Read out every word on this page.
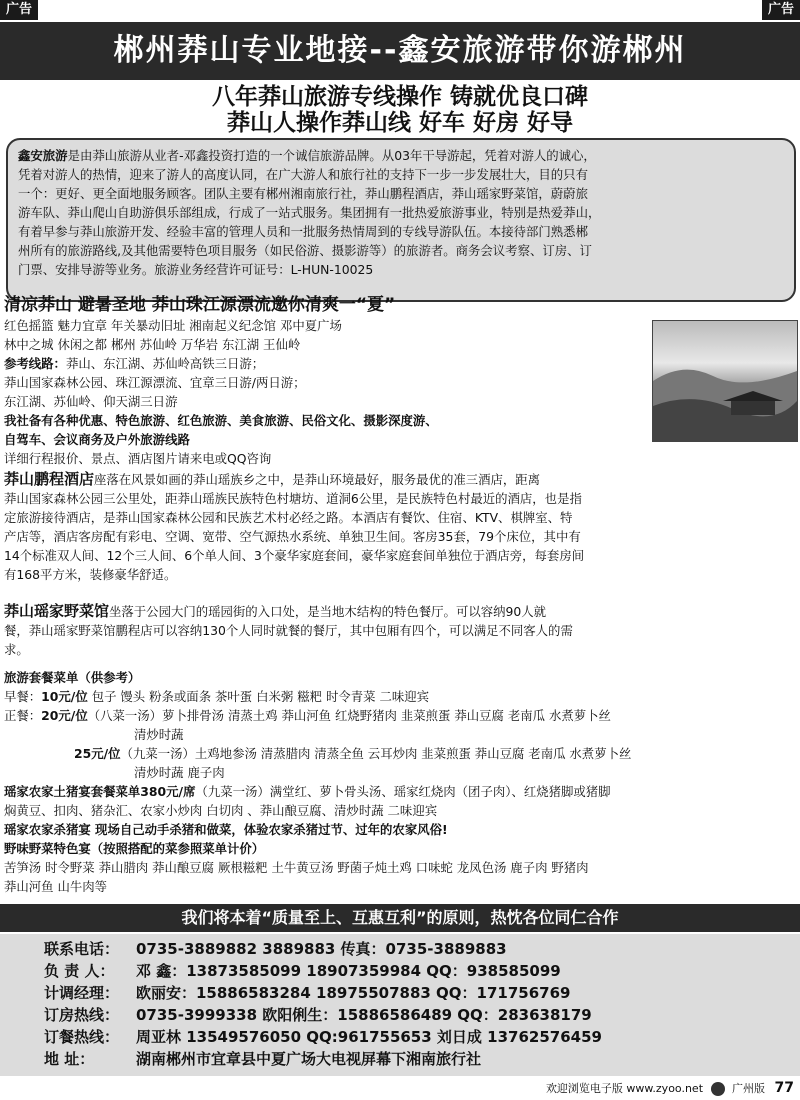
广告	广告
郴州莽山专业地接--鑫安旅游带你游郴州
八年莽山旅游专线操作 铸就优良口碑
莽山人操作莽山线 好车 好房 好导
鑫安旅游是由莽山旅游从业者-邓鑫投资打造的一个诚信旅游品牌。从03年干导游起，凭着对游人的诚心，
凭着对游人的热情，迎来了游人的高度认同，在广大游人和旅行社的支持下一步一步发展壮大，目的只有
一个：更好、更全面地服务顾客。团队主要有郴州湘南旅行社，莽山鹏程酒店，莽山瑶家野菜馆，蔚蔚旅
游车队、莽山爬山自助游俱乐部组成，行成了一站式服务。集团拥有一批热爱旅游事业，特别是热爱莽山，
有着早参与莽山旅游开发、经验丰富的管理人员和一批服务热情周到的专线导游队伍。本接待部门熟悉郴
州所有的旅游路线,及其他需要特色项目服务（如民俗游、摄影游等）的旅游者。商务会议考察、订房、订
门票、安排导游等业务。旅游业务经营许可证号：L-HUN-10025
清凉莽山 避暑圣地 莽山珠江源漂流邀你清爽一“夏”
红色摇篮 魅力宜章 年关暴动旧址 湘南起义纪念馆 邓中夏广场
林中之城 休闲之都 郴州 苏仙岭 万华岩 东江湖 王仙岭
参考线路：莽山、东江湖、苏仙岭高铁三日游；
莽山国家森林公园、珠江源漂流、宜章三日游/两日游；
东江湖、苏仙岭、仰天湖三日游
我社备有各种优惠、特色旅游、红色旅游、美食旅游、民俗文化、摄影深度游、
自驾车、会议商务及户外旅游线路
详细行程报价、景点、酒店图片请来电或QQ咨询
莽山鹏程酒店座落在风景如画的莽山瑶族乡之中，是莽山环境最好，服务最优的准三酒店，距离
莽山国家森林公园三公里处，距莽山瑶族民族特色村塘坊、道洞6公里，是民族特色村最近的酒店，也是指
定旅游接待酒店，是莽山国家森林公园和民族艺术村必经之路。本酒店有餐饮、住宿、KTV、棋牌室、特
产店等，酒店客房配有彩电、空调、宽带、空气源热水系统、单独卫生间。客房35套，79个床位，其中有
14个标准双人间、12个三人间、6个单人间、3个豪华家庭套间，豪华家庭套间单独位于酒店旁，每套房间
有168平方米，装修豪华舒适。
莽山瑶家野菜馆坐落于公园大门的瑶园街的入口处，是当地木结构的特色餐厅。可以容纳90人就
餐，莽山瑶家野菜馆鹏程店可以容纳130个人同时就餐的餐厅，其中包厢有四个，可以满足不同客人的需
求。
旅游套餐菜单（供参考）
早餐：10元/位 包子 馒头 粉条或面条 茶叶蛋 白米粥 糍粑 时令青菜 二味迎宾
正餐：20元/位（八菜一汤）萝卜排骨汤 清蒸土鸡 莽山河鱼 红烧野猪肉 韭菜煎蛋 莽山豆腐 老南瓜 水煮萝卜丝
清炒时蔬
25元/位（九菜一汤）土鸡地参汤 清蒸腊肉 清蒸全鱼 云耳炒肉 韭菜煎蛋 莽山豆腐 老南瓜 水煮萝卜丝
清炒时蔬 鹿子肉
瑶家农家土猪宴套餐菜单380元/席（九菜一汤）满堂红、萝卜骨头汤、瑶家红烧肉（团子肉）、红烧猪脚或猪脚
焖黄豆、扣肉、猪杂汇、农家小炒肉 白切肉 、莽山酿豆腐、清炒时蔬 二味迎宾
瑶家农家杀猪宴 现场自己动手杀猪和做菜，体验农家杀猪过节、过年的农家风俗!
野味野菜特色宴（按照搭配的菜参照菜单计价）
苦笋汤 时令野菜 莽山腊肉 莽山酿豆腐 厥根糍粑 土牛黄豆汤 野菌子炖土鸡 口味蛇 龙凤色汤 鹿子肉 野猪肉
莽山河鱼 山牛肉等
我们将本着“质量至上、互惠互利”的原则，热忱各位同仁合作
联系电话： 0735-3889882 3889883 传真：0735-3889883
负 责 人： 邓 鑫：13873585099 18907359984 QQ：938585099
计调经理： 欧丽安：15886583284 18975507883 QQ：171756769
订房热线： 0735-3999338 欧阳俐生：15886586489 QQ：283638179
订餐热线： 周亚林 13549576050 QQ:961755653 刘日成 13762576459
地 址：	湖南郴州市宜章县中夏广场大电视屏幕下湘南旅行社
欢迎浏览电子版 www.zyoo.net	广州版 77
